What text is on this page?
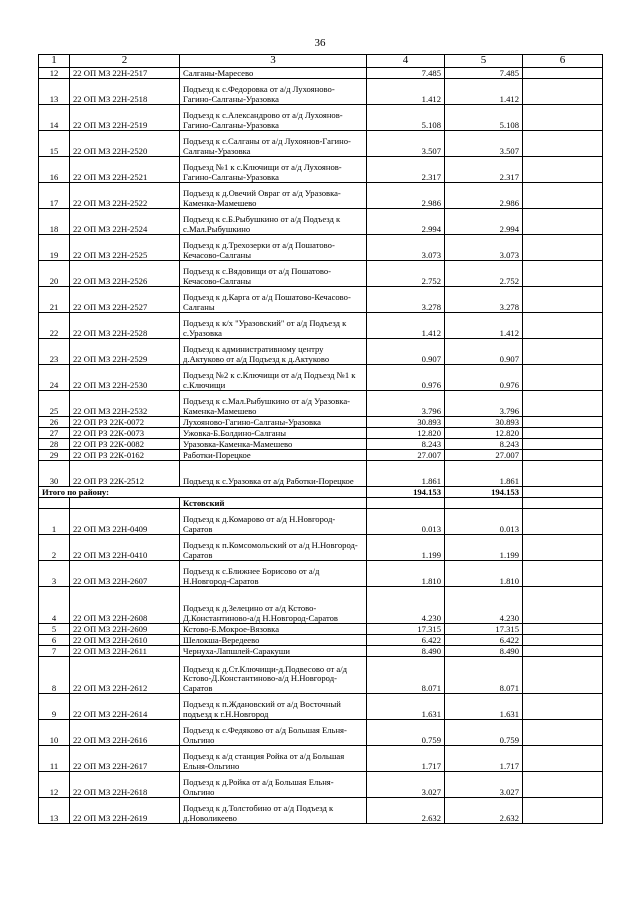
36
1	2	3	4	5	6
12	22 ОП МЗ 22Н-2517	Салганы-Маресево	7.485	7.485	
13	22 ОП МЗ 22Н-2518	Подъезд к с.Федоровка от а/д Лухояново-Гагино-Салганы-Уразовка	1.412	1.412	
14	22 ОП МЗ 22Н-2519	Подъезд к с.Александрово от а/д Лухоянов-Гагино-Салганы-Уразовка	5.108	5.108	
15	22 ОП МЗ 22Н-2520	Подъезд к с.Салганы от а/д Лухоянов-Гагино-Салганы-Уразовка	3.507	3.507	
16	22 ОП МЗ 22Н-2521	Подъезд №1 к с.Ключищи от а/д Лухоянов-Гагино-Салганы-Уразовка	2.317	2.317	
17	22 ОП МЗ 22Н-2522	Подъезд к д.Овечий Овраг от а/д Уразовка-Каменка-Мамешево	2.986	2.986	
18	22 ОП МЗ 22Н-2524	Подъезд к с.Б.Рыбушкино от а/д Подъезд к с.Мал.Рыбушкино	2.994	2.994	
19	22 ОП МЗ 22Н-2525	Подъезд к д.Трехозерки от а/д Пошатово-Кечасово-Салганы	3.073	3.073	
20	22 ОП МЗ 22Н-2526	Подъезд к с.Вядовищи от а/д Пошатово-Кечасово-Салганы	2.752	2.752	
21	22 ОП МЗ 22Н-2527	Подъезд к д.Карга от а/д Пошатово-Кечасово-Салганы	3.278	3.278	
22	22 ОП МЗ 22Н-2528	Подъезд к к/х "Уразовский" от а/д Подъезд к с.Уразовка	1.412	1.412	
23	22 ОП МЗ 22Н-2529	Подъезд к административному центру д.Актуково от а/д Подъезд к д.Актуково	0.907	0.907	
24	22 ОП МЗ 22Н-2530	Подъезд №2 к с.Ключищи от а/д Подъезд №1 к с.Ключищи	0.976	0.976	
25	22 ОП МЗ 22Н-2532	Подъезд к с.Мал.Рыбушкино от а/д Уразовка-Каменка-Мамешево	3.796	3.796	
26	22 ОП РЗ 22К-0072	Лухояново-Гагино-Салганы-Уразовка	30.893	30.893	
27	22 ОП РЗ 22К-0073	Ужовка-Б.Болдино-Салганы	12.820	12.820	
28	22 ОП РЗ 22К-0082	Уразовка-Каменка-Мамешево	8.243	8.243	
29	22 ОП РЗ 22К-0162	Работки-Порецкое	27.007	27.007	
30	22 ОП РЗ 22К-2512	Подъезд к с.Уразовка от а/д Работки-Порецкое	1.861	1.861	
Итого по району:			194.153	194.153	
		Кстовский			
1	22 ОП МЗ 22Н-0409	Подъезд к д.Комарово от а/д Н.Новгород-Саратов	0.013	0.013	
2	22 ОП МЗ 22Н-0410	Подъезд к п.Комсомольский от а/д Н.Новгород-Саратов	1.199	1.199	
3	22 ОП МЗ 22Н-2607	Подъезд к с.Ближнее Борисово от а/д Н.Новгород-Саратов	1.810	1.810	
4	22 ОП МЗ 22Н-2608	Подъезд к д.Зелецино от а/д Кстово-Д.Константиново-а/д Н.Новгород-Саратов	4.230	4.230	
5	22 ОП МЗ 22Н-2609	Кстово-Б.Мокрое-Вязовка	17.315	17.315	
6	22 ОП МЗ 22Н-2610	Шелокша-Вередеево	6.422	6.422	
7	22 ОП МЗ 22Н-2611	Чернуха-Лапшлей-Саракуши	8.490	8.490	
8	22 ОП МЗ 22Н-2612	Подъезд к д.Ст.Ключищи-д.Подвесово от а/д Кстово-Д.Константиново-а/д Н.Новгород-Саратов	8.071	8.071	
9	22 ОП МЗ 22Н-2614	Подъезд к п.Ждановский от а/д Восточный подъезд к г.Н.Новгород	1.631	1.631	
10	22 ОП МЗ 22Н-2616	Подъезд к с.Федяково от а/д Большая Ельня-Ольгино	0.759	0.759	
11	22 ОП МЗ 22Н-2617	Подъезд к а/д станция Ройка от а/д Большая Ельня-Ольгино	1.717	1.717	
12	22 ОП МЗ 22Н-2618	Подъезд к д.Ройка от а/д Большая Ельня-Ольгино	3.027	3.027	
13	22 ОП МЗ 22Н-2619	Подъезд к д.Толстобино от а/д Подъезд к д.Новоликеево	2.632	2.632	
